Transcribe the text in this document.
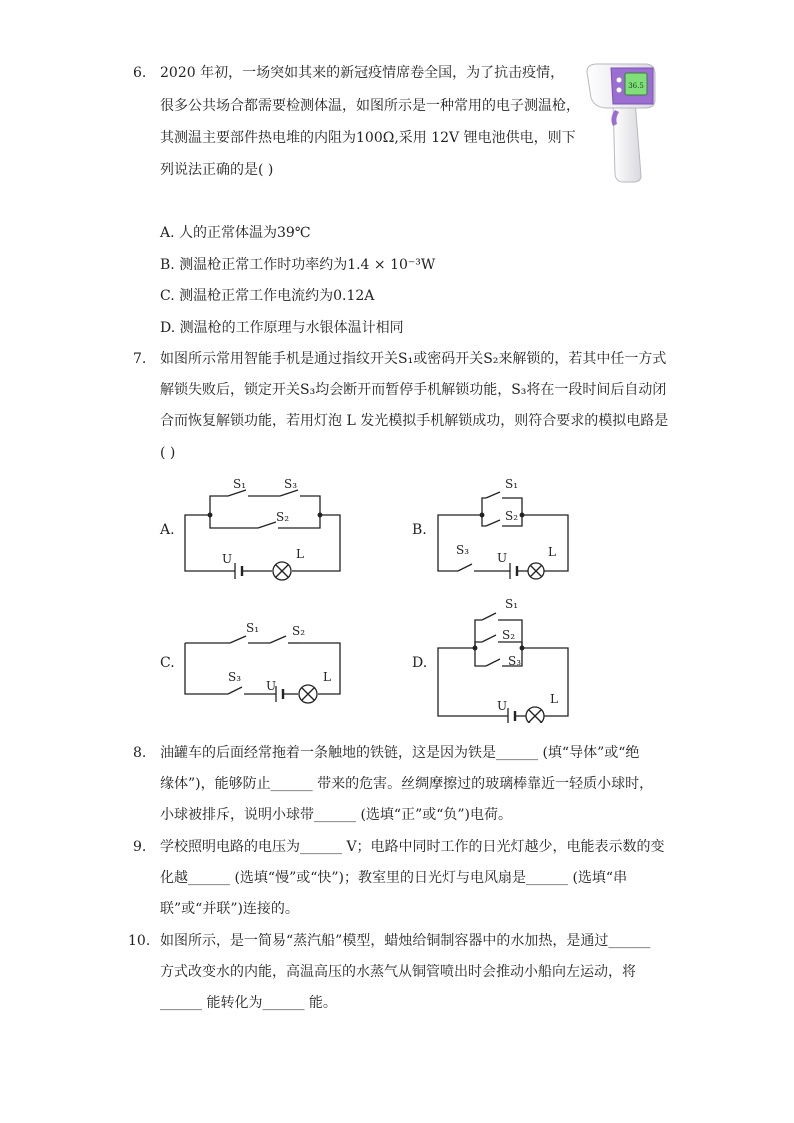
6. 2020 年初，一场突如其来的新冠疫情席卷全国，为了抗击疫情，
很多公共场合都需要检测体温，如图所示是一种常用的电子测温枪，
其测温主要部件热电堆的内阻为100Ω,采用 12V 锂电池供电，则下
列说法正确的是( )
36.5
A. 人的正常体温为39℃
B. 测温枪正常工作时功率约为1.4 × 10⁻³W
C. 测温枪正常工作电流约为0.12A
D. 测温枪的工作原理与水银体温计相同
7. 如图所示常用智能手机是通过指纹开关S₁或密码开关S₂来解锁的，若其中任一方式
解锁失败后，锁定开关S₃均会断开而暂停手机解锁功能，S₃将在一段时间后自动闭
合而恢复解锁功能，若用灯泡 L 发光模拟手机解锁成功，则符合要求的模拟电路是
( )
A.
S₁	S₃
S₂
U	L
B.
S₁
S₂
S₃
U	L
C.
S₁	S₂
S₃
U
L
D.
S₁
S₂
S₃
U	L
8. 油罐车的后面经常拖着一条触地的铁链，这是因为铁是______ (填“导体”或“绝
缘体”)，能够防止______ 带来的危害。丝绸摩擦过的玻璃棒靠近一轻质小球时，
小球被排斥，说明小球带______ (选填“正”或“负”)电荷。
9. 学校照明电路的电压为______ V；电路中同时工作的日光灯越少，电能表示数的变
化越______ (选填“慢”或“快”)；教室里的日光灯与电风扇是______ (选填“串
联”或“并联”)连接的。
10. 如图所示，是一简易“蒸汽船”模型，蜡烛给铜制容器中的水加热，是通过______
方式改变水的内能，高温高压的水蒸气从铜管喷出时会推动小船向左运动，将
______ 能转化为______ 能。
